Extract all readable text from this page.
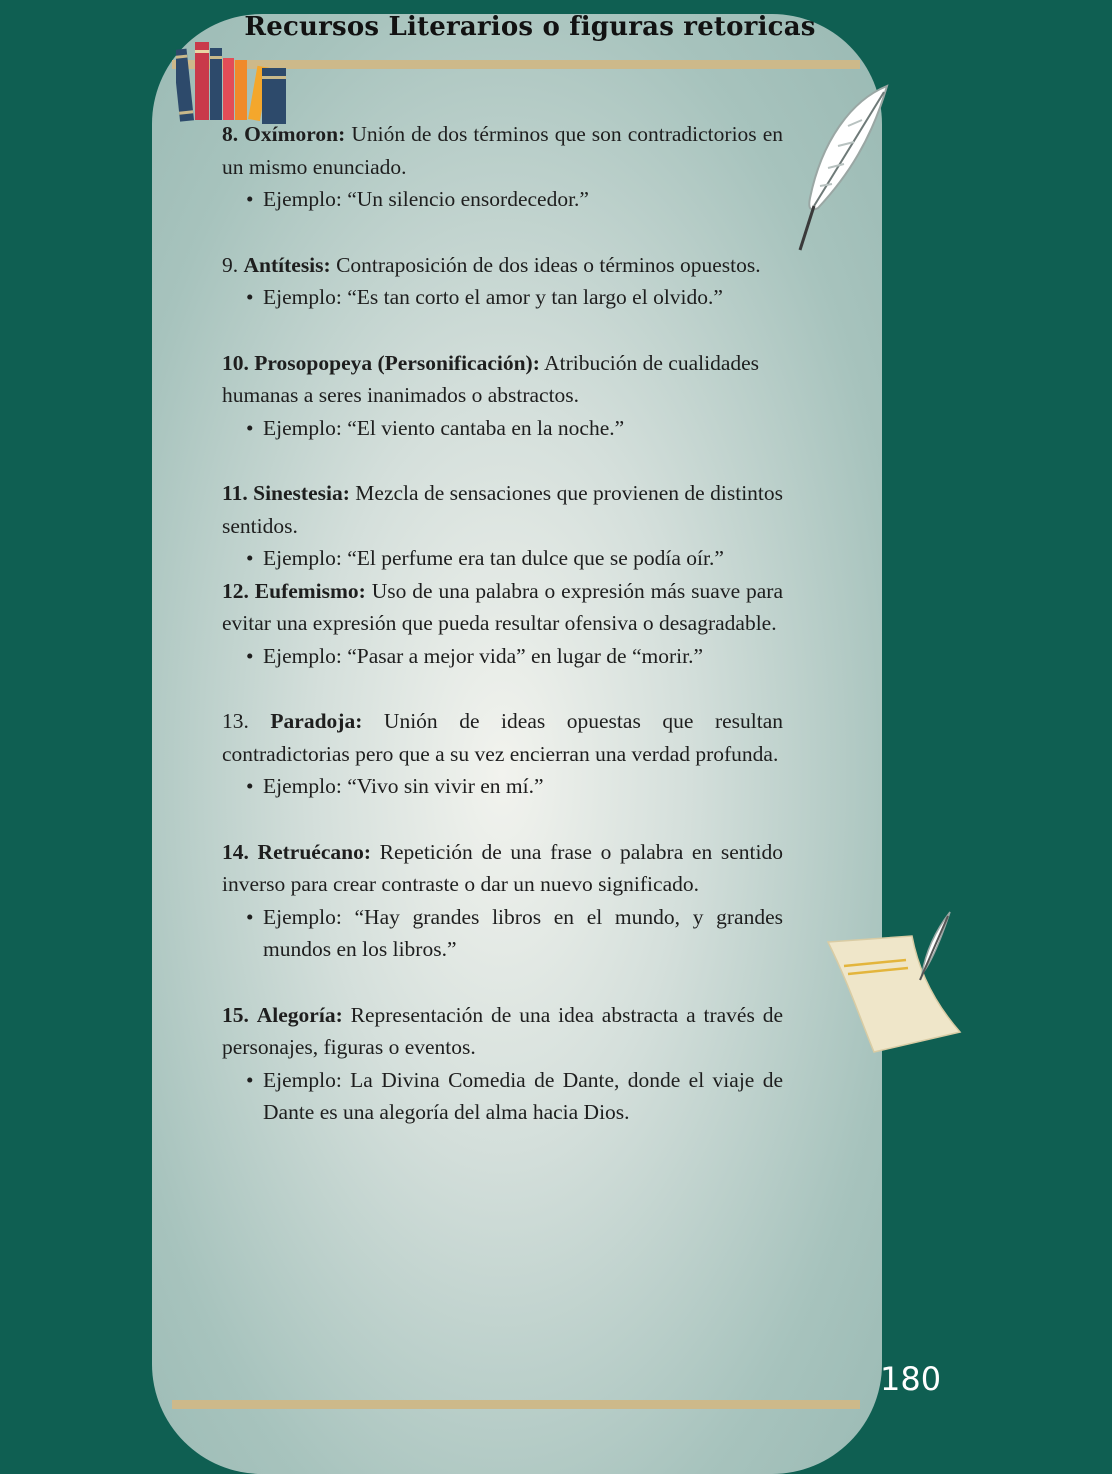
Recursos Literarios o figuras retoricas

8. Oxímoron: Unión de dos términos que son contradictorios en un mismo enunciado.

• Ejemplo: “Un silencio ensordecedor.”

9. Antítesis: Contraposición de dos ideas o términos opuestos.

• Ejemplo: “Es tan corto el amor y tan largo el olvido.”

10. Prosopopeya (Personificación): Atribución de cualidades humanas a seres inanimados o abstractos.

• Ejemplo: “El viento cantaba en la noche.”

11. Sinestesia: Mezcla de sensaciones que provienen de distintos sentidos.

• Ejemplo: “El perfume era tan dulce que se podía oír.”

12. Eufemismo: Uso de una palabra o expresión más suave para evitar una expresión que pueda resultar ofensiva o desagradable.

• Ejemplo: “Pasar a mejor vida” en lugar de “morir.”

13. Paradoja: Unión de ideas opuestas que resultan contradictorias pero que a su vez encierran una verdad profunda.

• Ejemplo: “Vivo sin vivir en mí.”

14. Retruécano: Repetición de una frase o palabra en sentido inverso para crear contraste o dar un nuevo significado.

• Ejemplo: “Hay grandes libros en el mundo, y grandes mundos en los libros.”

15. Alegoría: Representación de una idea abstracta a través de personajes, figuras o eventos.

• Ejemplo: La Divina Comedia de Dante, donde el viaje de Dante es una alegoría del alma hacia Dios.

180
